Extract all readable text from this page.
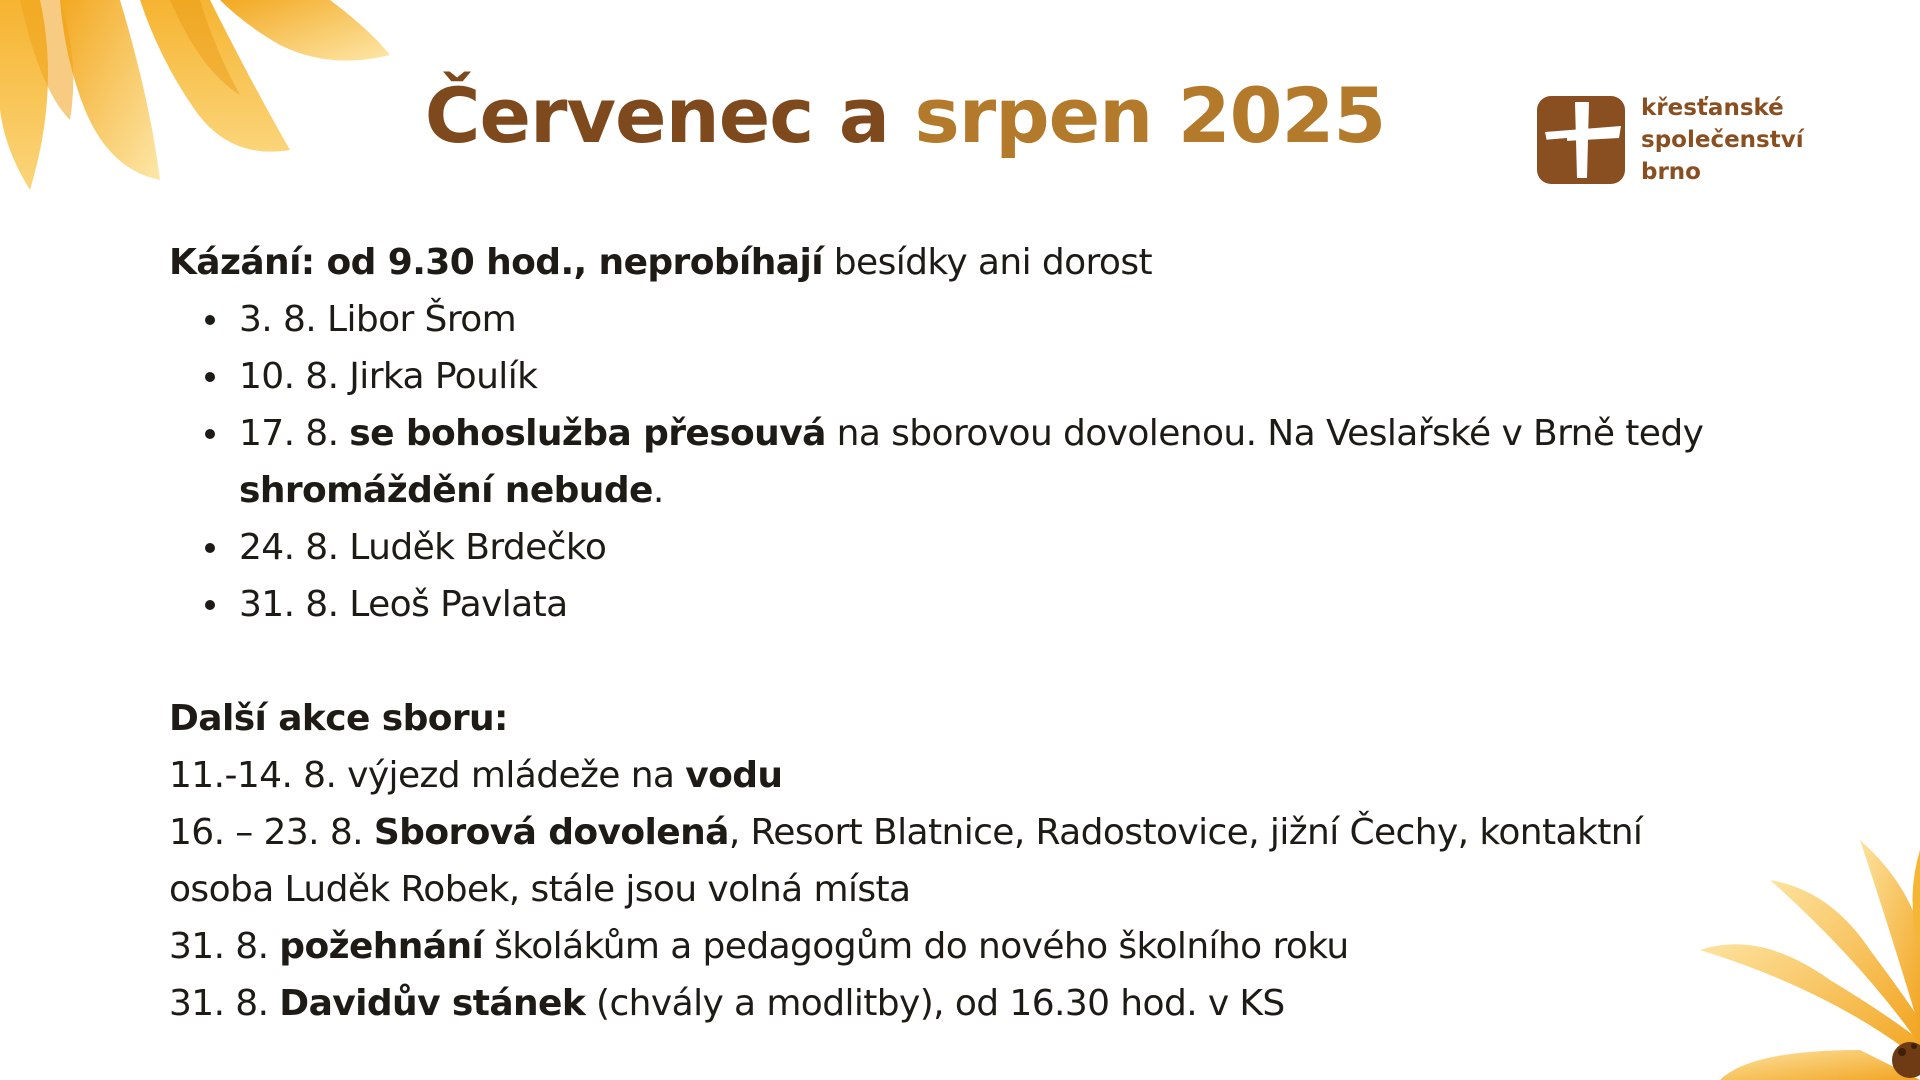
Červenec a srpen 2025	křesťanské
společenství
brno

Kázání: od 9.30 hod., neprobíhají besídky ani dorost

3. 8. Libor Šrom
10. 8. Jirka Poulík
17. 8. se bohoslužba přesouvá na sborovou dovolenou. Na Veslařské v Brně tedy shromáždění nebude.
24. 8. Luděk Brdečko
31. 8. Leoš Pavlata

Další akce sboru:

11.-14. 8. výjezd mládeže na vodu

16. – 23. 8. Sborová dovolená, Resort Blatnice, Radostovice, jižní Čechy, kontaktní osoba Luděk Robek, stále jsou volná místa

31. 8. požehnání školákům a pedagogům do nového školního roku

31. 8. Davidův stánek (chvály a modlitby), od 16.30 hod. v KS
